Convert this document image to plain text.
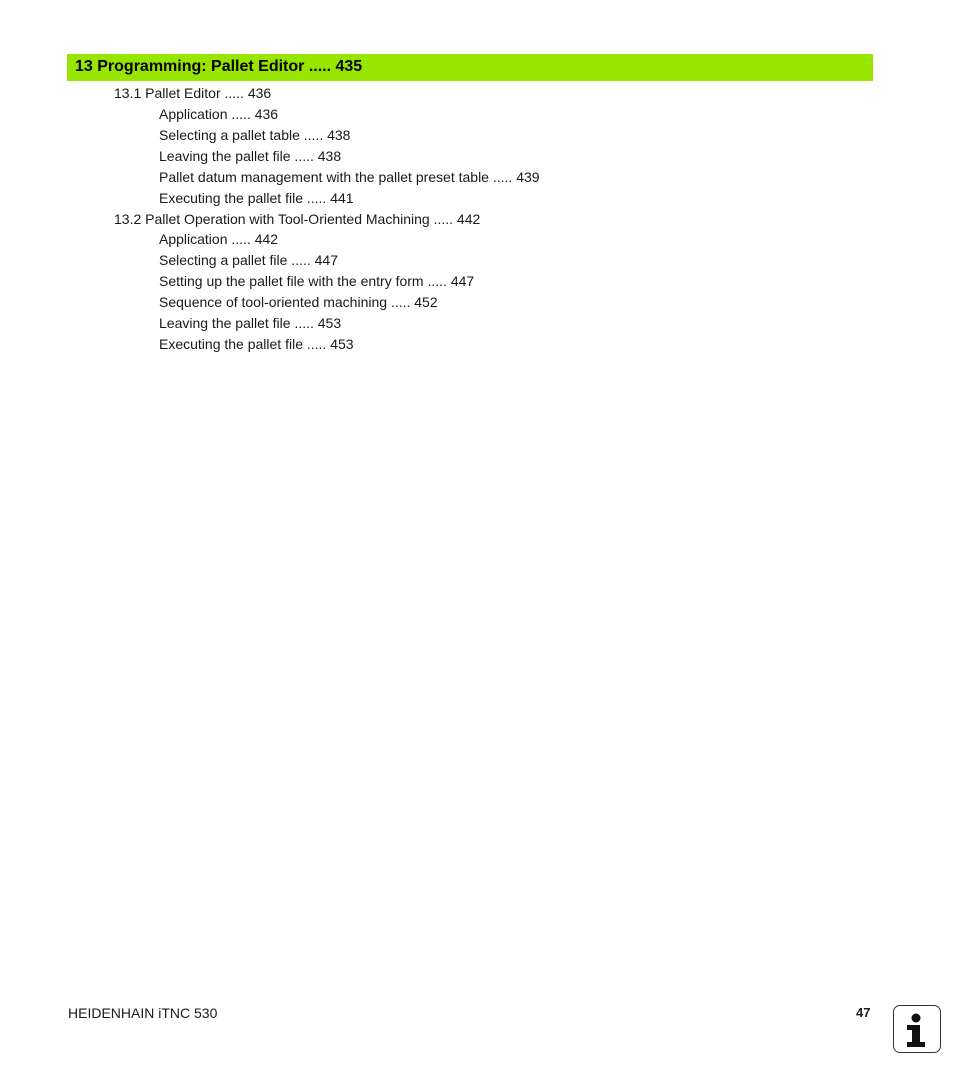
13 Programming: Pallet Editor ..... 435
13.1 Pallet Editor ..... 436
Application ..... 436
Selecting a pallet table ..... 438
Leaving the pallet file ..... 438
Pallet datum management with the pallet preset table ..... 439
Executing the pallet file ..... 441
13.2 Pallet Operation with Tool-Oriented Machining ..... 442
Application ..... 442
Selecting a pallet file ..... 447
Setting up the pallet file with the entry form ..... 447
Sequence of tool-oriented machining ..... 452
Leaving the pallet file ..... 453
Executing the pallet file ..... 453
HEIDENHAIN iTNC 530	47
